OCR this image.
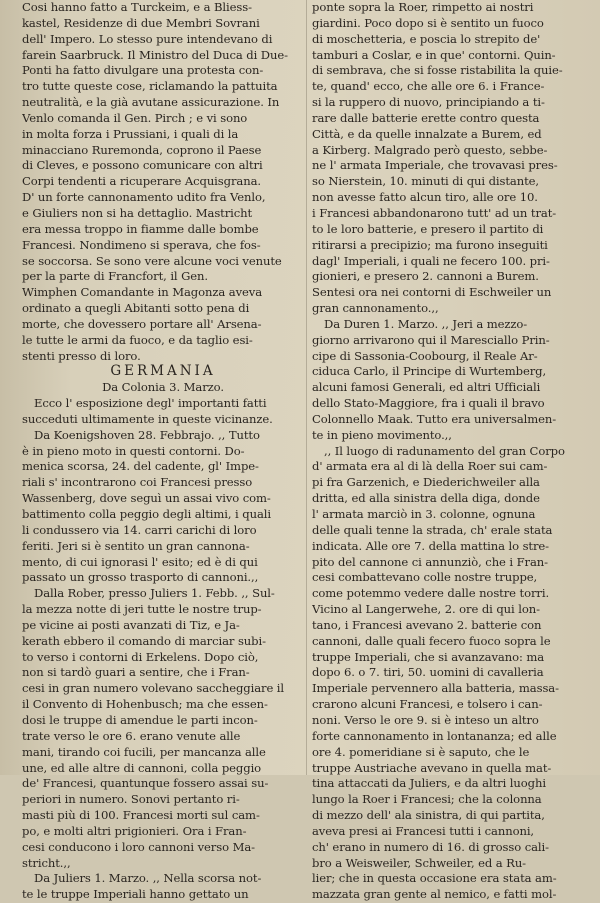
Cosi hanno fatto a Turckeim, e a Bliess-
kastel, Residenze di due Membri Sovrani
dell' Impero. Lo stesso pure intendevano di
farein Saarbruck. Il Ministro del Duca di Due-
Ponti ha fatto divulgare una protesta con-
tro tutte queste cose, riclamando la pattuita
neutralità, e la già avutane assicurazione. In
Venlo comanda il Gen. Pirch ; e vi sono
in molta forza i Prussiani, i quali di la
minacciano Ruremonda, coprono il Paese
di Cleves, e possono comunicare con altri
Corpi tendenti a ricuperare Acquisgrana.
D' un forte cannonamento udito fra Venlo,
e Giuliers non si ha dettaglio. Mastricht
era messa troppo in fiamme dalle bombe
Francesi. Nondimeno si sperava, che fos-
se soccorsa. Se sono vere alcune voci venute
per la parte di Francfort, il Gen.
Wimphen Comandante in Magonza aveva
ordinato a quegli Abitanti sotto pena di
morte, che dovessero portare all' Arsena-
le tutte le armi da fuoco, e da taglio esi-
stenti presso di loro.
GERMANIA
Da Colonia 3. Marzo.
Ecco l' esposizione degl' importanti fatti
succeduti ultimamente in queste vicinanze.
Da Koenigshoven 28. Febbrajo. ,, Tutto
è in pieno moto in questi contorni. Do-
menica scorsa, 24. del cadente, gl' Impe-
riali s' incontrarono coi Francesi presso
Wassenberg, dove seguì un assai vivo com-
battimento colla peggio degli altimi, i quali
li condussero via 14. carri carichi di loro
feriti. Jeri si è sentito un gran cannona-
mento, di cui ignorasi l' esito; ed è di qui
passato un grosso trasporto di cannoni.,,
Dalla Rober, presso Juliers 1. Febb. ,, Sul-
la mezza notte di jeri tutte le nostre trup-
pe vicine ai posti avanzati di Tiz, e Ja-
kerath ebbero il comando di marciar subi-
to verso i contorni di Erkelens. Dopo ciò,
non si tardò guari a sentire, che i Fran-
cesi in gran numero volevano saccheggiare il
il Convento di Hohenbusch; ma che essen-
dosi le truppe di amendue le parti incon-
trate verso le ore 6. erano venute alle
mani, tirando coi fucili, per mancanza alle
une, ed alle altre di cannoni, colla peggio
de' Francesi, quantunque fossero assai su-
periori in numero. Sonovi pertanto ri-
masti più di 100. Francesi morti sul cam-
po, e molti altri prigionieri. Ora i Fran-
cesi conducono i loro cannoni verso Ma-
stricht.,,
Da Juliers 1. Marzo. ,, Nella scorsa not-
te le truppe Imperiali hanno gettato un
ponte sopra la Roer, rimpetto ai nostri
giardini. Poco dopo si è sentito un fuoco
di moschetteria, e poscia lo strepito de'
tamburi a Coslar, e in que' contorni. Quin-
di sembrava, che si fosse ristabilita la quie-
te, quand' ecco, che alle ore 6. i France-
si la ruppero di nuovo, principiando a ti-
rare dalle batterie erette contro questa
Città, e da quelle innalzate a Burem, ed
a Kirberg. Malgrado però questo, sebbe-
ne l' armata Imperiale, che trovavasi pres-
so Nierstein, 10. minuti di qui distante,
non avesse fatto alcun tiro, alle ore 10.
i Francesi abbandonarono tutt' ad un trat-
to le loro batterie, e presero il partito di
ritirarsi a precipizio; ma furono inseguiti
dagl' Imperiali, i quali ne fecero 100. pri-
gionieri, e presero 2. cannoni a Burem.
Sentesi ora nei contorni di Eschweiler un
gran cannonamento.,,
Da Duren 1. Marzo. ,, Jeri a mezzo-
giorno arrivarono qui il Maresciallo Prin-
cipe di Sassonia-Coobourg, il Reale Ar-
ciduca Carlo, il Principe di Wurtemberg,
alcuni famosi Generali, ed altri Ufficiali
dello Stato-Maggiore, fra i quali il bravo
Colonnello Maak. Tutto era universalmen-
te in pieno movimento.,,
,, Il luogo di radunamento del gran Corpo
d' armata era al di là della Roer sui cam-
pi fra Garzenich, e Diederichweiler alla
dritta, ed alla sinistra della diga, donde
l' armata marciò in 3. colonne, ognuna
delle quali tenne la strada, ch' erale stata
indicata. Alle ore 7. della mattina lo stre-
pito del cannone ci annunziò, che i Fran-
cesi combattevano colle nostre truppe,
come potemmo vedere dalle nostre torri.
Vicino al Langerwehe, 2. ore di qui lon-
tano, i Francesi avevano 2. batterie con
cannoni, dalle quali fecero fuoco sopra le
truppe Imperiali, che si avanzavano: ma
dopo 6. o 7. tiri, 50. uomini di cavalleria
Imperiale pervennero alla batteria, massa-
crarono alcuni Francesi, e tolsero i can-
noni. Verso le ore 9. si è inteso un altro
forte cannonamento in lontananza; ed alle
ore 4. pomeridiane si è saputo, che le
truppe Austriache avevano in quella mat-
tina attaccati da Juliers, e da altri luoghi
lungo la Roer i Francesi; che la colonna
di mezzo dell' ala sinistra, di qui partita,
aveva presi ai Francesi tutti i cannoni,
ch' erano in numero di 16. di grosso cali-
bro a Weisweiler, Schweiler, ed a Ru-
lier; che in questa occasione era stata am-
mazzata gran gente al nemico, e fatti mol-
